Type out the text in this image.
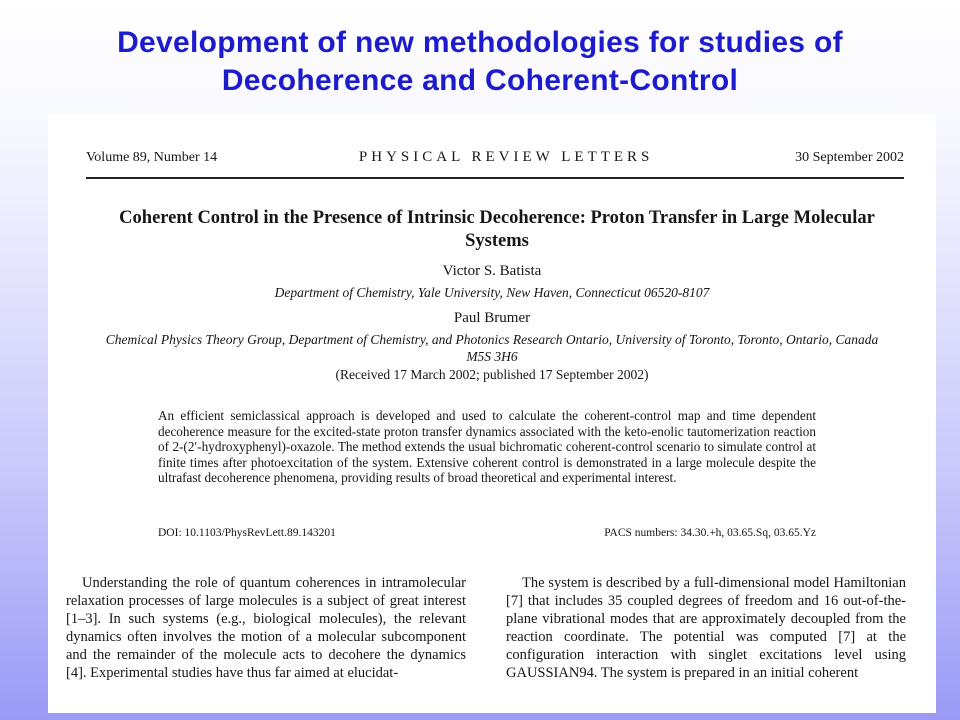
Development of new methodologies for studies of
Decoherence and Coherent-Control
Volume 89, Number 14	PHYSICAL REVIEW LETTERS	30 September 2002
Coherent Control in the Presence of Intrinsic Decoherence: Proton Transfer in Large Molecular Systems
Victor S. Batista
Department of Chemistry, Yale University, New Haven, Connecticut 06520-8107
Paul Brumer
Chemical Physics Theory Group, Department of Chemistry, and Photonics Research Ontario, University of Toronto, Toronto, Ontario, Canada M5S 3H6
(Received 17 March 2002; published 17 September 2002)

An efficient semiclassical approach is developed and used to calculate the coherent-control map and time dependent decoherence measure for the excited-state proton transfer dynamics associated with the keto-enolic tautomerization reaction of 2-(2′-hydroxyphenyl)-oxazole. The method extends the usual bichromatic coherent-control scenario to simulate control at finite times after photoexcitation of the system. Extensive coherent control is demonstrated in a large molecule despite the ultrafast decoherence phenomena, providing results of broad theoretical and experimental interest.

DOI: 10.1103/PhysRevLett.89.143201	PACS numbers: 34.30.+h, 03.65.Sq, 03.65.Yz

Understanding the role of quantum coherences in intramolecular relaxation processes of large molecules is a subject of great interest [1–3]. In such systems (e.g., biological molecules), the relevant dynamics often involves the motion of a molecular subcomponent and the remainder of the molecule acts to decohere the dynamics [4]. Experimental studies have thus far aimed at elucidat-

The system is described by a full-dimensional model Hamiltonian [7] that includes 35 coupled degrees of freedom and 16 out-of-the-plane vibrational modes that are approximately decoupled from the reaction coordinate. The potential was computed [7] at the configuration interaction with singlet excitations level using GAUSSIAN94. The system is prepared in an initial coherent
